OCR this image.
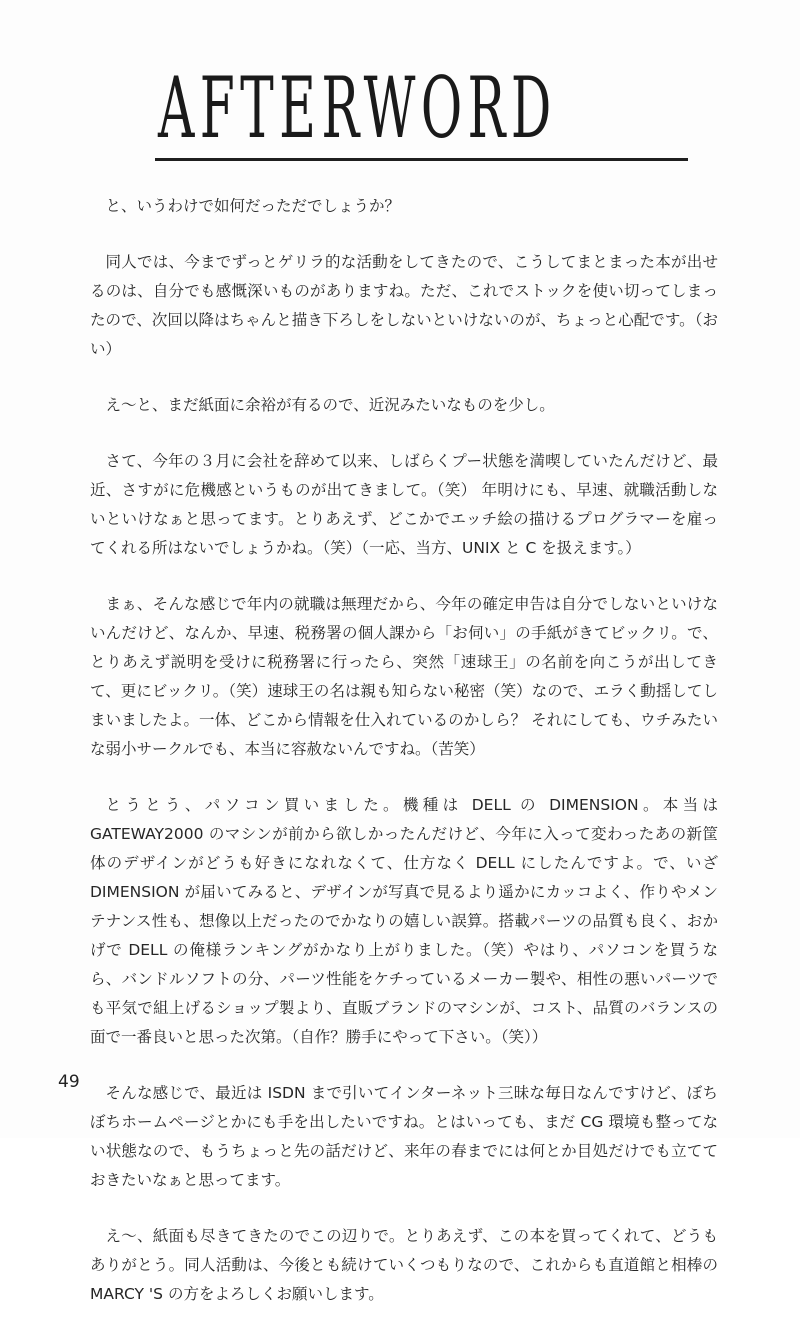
AFTERWORD

と、いうわけで如何だっただでしょうか？

同人では、今までずっとゲリラ的な活動をしてきたので、こうしてまとまった本が出せるのは、自分でも感慨深いものがありますね。ただ、これでストックを使い切ってしまったので、次回以降はちゃんと描き下ろしをしないといけないのが、ちょっと心配です。（おい）

え～と、まだ紙面に余裕が有るので、近況みたいなものを少し。

さて、今年の３月に会社を辞めて以来、しばらくプー状態を満喫していたんだけど、最近、さすがに危機感というものが出てきまして。（笑） 年明けにも、早速、就職活動しないといけなぁと思ってます。とりあえず、どこかでエッチ絵の描けるプログラマーを雇ってくれる所はないでしょうかね。（笑）（一応、当方、UNIX と C を扱えます。）

まぁ、そんな感じで年内の就職は無理だから、今年の確定申告は自分でしないといけないんだけど、なんか、早速、税務署の個人課から「お伺い」の手紙がきてビックリ。で、とりあえず説明を受けに税務署に行ったら、突然「速球王」の名前を向こうが出してきて、更にビックリ。（笑）速球王の名は親も知らない秘密（笑）なので、エラく動揺してしまいましたよ。一体、どこから情報を仕入れているのかしら？ それにしても、ウチみたいな弱小サークルでも、本当に容赦ないんですね。（苦笑）

とうとう、パソコン買いました。機種は DELL の DIMENSION。本当は GATEWAY2000 のマシンが前から欲しかったんだけど、今年に入って変わったあの新筐体のデザインがどうも好きになれなくて、仕方なく DELL にしたんですよ。で、いざ DIMENSION が届いてみると、デザインが写真で見るより遥かにカッコよく、作りやメンテナンス性も、想像以上だったのでかなりの嬉しい誤算。搭載パーツの品質も良く、おかげで DELL の俺様ランキングがかなり上がりました。（笑）やはり、パソコンを買うなら、バンドルソフトの分、パーツ性能をケチっているメーカー製や、相性の悪いパーツでも平気で組上げるショップ製より、直販ブランドのマシンが、コスト、品質のバランスの面で一番良いと思った次第。（自作？勝手にやって下さい。（笑））

そんな感じで、最近は ISDN まで引いてインターネット三昧な毎日なんですけど、ぼちぼちホームページとかにも手を出したいですね。とはいっても、まだ CG 環境も整ってない状態なので、もうちょっと先の話だけど、来年の春までには何とか目処だけでも立てておきたいなぁと思ってます。

え～、紙面も尽きてきたのでこの辺りで。とりあえず、この本を買ってくれて、どうもありがとう。同人活動は、今後とも続けていくつもりなので、これからも直道館と相棒のMARCY 'S の方をよろしくお願いします。

49
